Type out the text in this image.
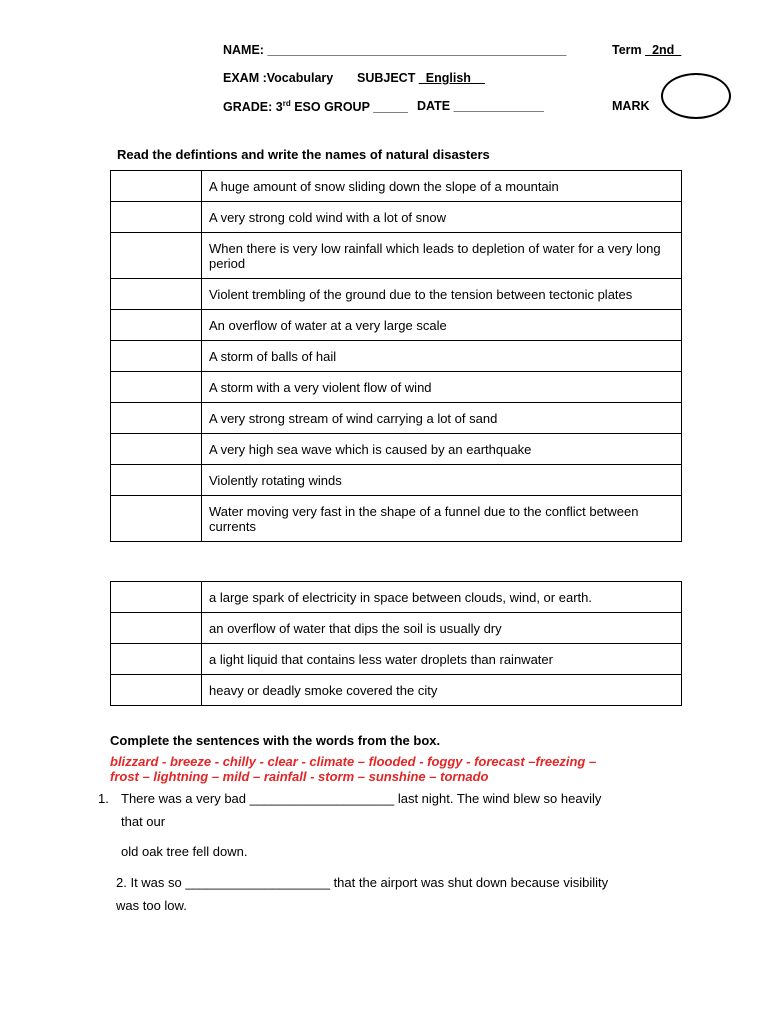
NAME: ___________________________________________	Term _2nd_
EXAM :Vocabulary SUBJECT _English__
GRADE: 3rd ESO GROUP _____ DATE _____________	MARK
Read the defintions and write the names of natural disasters
	A huge amount of snow sliding down the slope of a mountain
	A very strong cold wind with a lot of snow
	When there is very low rainfall which leads to depletion of water for a very long period
	Violent trembling of the ground due to the tension between tectonic plates
	An overflow of water at a very large scale
	A storm of balls of hail
	A storm with a very violent flow of wind
	A very strong stream of wind carrying a lot of sand
	A very high sea wave which is caused by an earthquake
	Violently rotating winds
	Water moving very fast in the shape of a funnel due to the conflict between currents
	a large spark of electricity in space between clouds, wind, or earth.
	an overflow of water that dips the soil is usually dry
	a light liquid that contains less water droplets than rainwater
	heavy or deadly smoke covered the city
Complete the sentences with the words from the box.
blizzard - breeze - chilly - clear - climate – flooded - foggy - forecast –freezing –
frost – lightning – mild – rainfall - storm – sunshine – tornado
1. There was a very bad ____________________ last night. The wind blew so heavily
that our
old oak tree fell down.
2. It was so ____________________ that the airport was shut down because visibility
was too low.
